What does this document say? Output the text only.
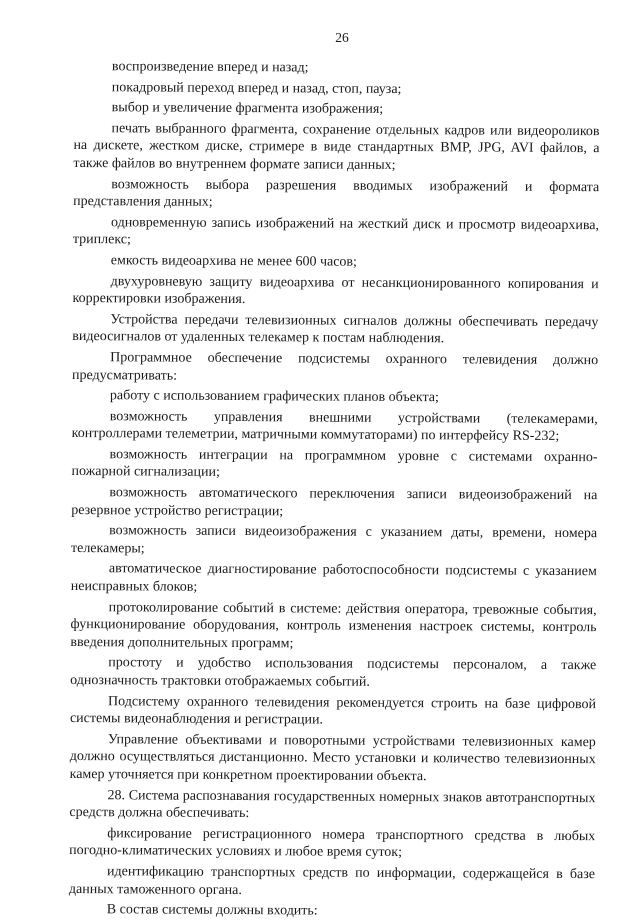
26

воспроизведение вперед и назад;

покадровый переход вперед и назад, стоп, пауза;

выбор и увеличение фрагмента изображения;

печать выбранного фрагмента, сохранение отдельных кадров или видеороликов на дискете, жестком диске, стримере в виде стандартных BMP, JPG, AVI файлов, а также файлов во внутреннем формате записи данных;

возможность выбора разрешения вводимых изображений и формата представления данных;

одновременную запись изображений на жесткий диск и просмотр видеоархива, триплекс;

емкость видеоархива не менее 600 часов;

двухуровневую защиту видеоархива от несанкционированного копирования и корректировки изображения.

Устройства передачи телевизионных сигналов должны обеспечивать передачу видеосигналов от удаленных телекамер к постам наблюдения.

Программное обеспечение подсистемы охранного телевидения должно предусматривать:

работу с использованием графических планов объекта;

возможность управления внешними устройствами (телекамерами, контроллерами телеметрии, матричными коммутаторами) по интерфейсу RS-232;

возможность интеграции на программном уровне с системами охранно-пожарной сигнализации;

возможность автоматического переключения записи видеоизображений на резервное устройство регистрации;

возможность записи видеоизображения с указанием даты, времени, номера телекамеры;

автоматическое диагностирование работоспособности подсистемы с указанием неисправных блоков;

протоколирование событий в системе: действия оператора, тревожные события, функционирование оборудования, контроль изменения настроек системы, контроль введения дополнительных программ;

простоту и удобство использования подсистемы персоналом, а также однозначность трактовки отображаемых событий.

Подсистему охранного телевидения рекомендуется строить на базе цифровой системы видеонаблюдения и регистрации.

Управление объективами и поворотными устройствами телевизионных камер должно осуществляться дистанционно. Место установки и количество телевизионных камер уточняется при конкретном проектировании объекта.

28. Система распознавания государственных номерных знаков автотранспортных средств должна обеспечивать:

фиксирование регистрационного номера транспортного средства в любых погодно-климатических условиях и любое время суток;

идентификацию транспортных средств по информации, содержащейся в базе данных таможенного органа.

В состав системы должны входить:
